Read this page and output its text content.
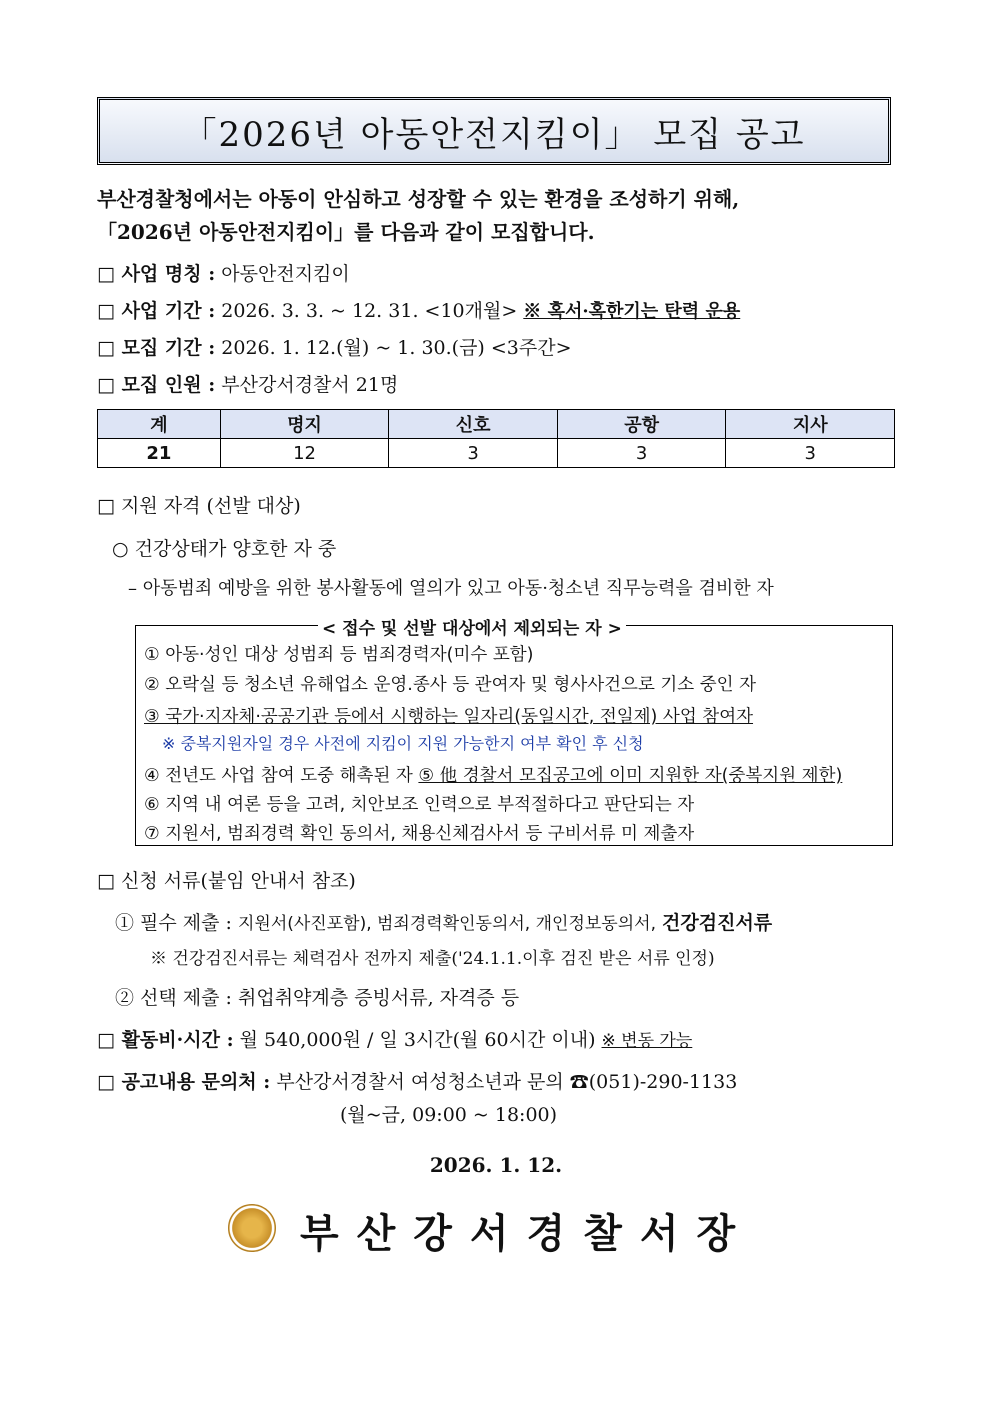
「2026년 아동안전지킴이」 모집 공고
부산경찰청에서는 아동이 안심하고 성장할 수 있는 환경을 조성하기 위해,
「2026년 아동안전지킴이」를 다음과 같이 모집합니다.
□ 사업 명칭 : 아동안전지킴이
□ 사업 기간 : 2026. 3. 3. ~ 12. 31. <10개월> ※ 혹서·혹한기는 탄력 운용
□ 모집 기간 : 2026. 1. 12.(월) ~ 1. 30.(금) <3주간>
□ 모집 인원 : 부산강서경찰서 21명
계	명지	신호	공항	지사
21	12	3	3	3
□ 지원 자격 (선발 대상)
○ 건강상태가 양호한 자 중
– 아동범죄 예방을 위한 봉사활동에 열의가 있고 아동·청소년 직무능력을 겸비한 자
< 접수 및 선발 대상에서 제외되는 자 >
① 아동·성인 대상 성범죄 등 범죄경력자(미수 포함)
② 오락실 등 청소년 유해업소 운영.종사 등 관여자 및 형사사건으로 기소 중인 자
③ 국가·지자체·공공기관 등에서 시행하는 일자리(동일시간, 전일제) 사업 참여자
※ 중복지원자일 경우 사전에 지킴이 지원 가능한지 여부 확인 후 신청
④ 전년도 사업 참여 도중 해촉된 자 ⑤ 他 경찰서 모집공고에 이미 지원한 자(중복지원 제한)
⑥ 지역 내 여론 등을 고려, 치안보조 인력으로 부적절하다고 판단되는 자
⑦ 지원서, 범죄경력 확인 동의서, 채용신체검사서 등 구비서류 미 제출자
□ 신청 서류(붙임 안내서 참조)
① 필수 제출 : 지원서(사진포함), 범죄경력확인동의서, 개인정보동의서, 건강검진서류
※ 건강검진서류는 체력검사 전까지 제출('24.1.1.이후 검진 받은 서류 인정)
② 선택 제출 : 취업취약계층 증빙서류, 자격증 등
□ 활동비·시간 : 월 540,000원 / 일 3시간(월 60시간 이내) ※ 변동 가능
□ 공고내용 문의처 : 부산강서경찰서 여성청소년과 문의 ☎(051)-290-1133
(월~금, 09:00 ~ 18:00)
2026. 1. 12.
부산강서경찰서장
